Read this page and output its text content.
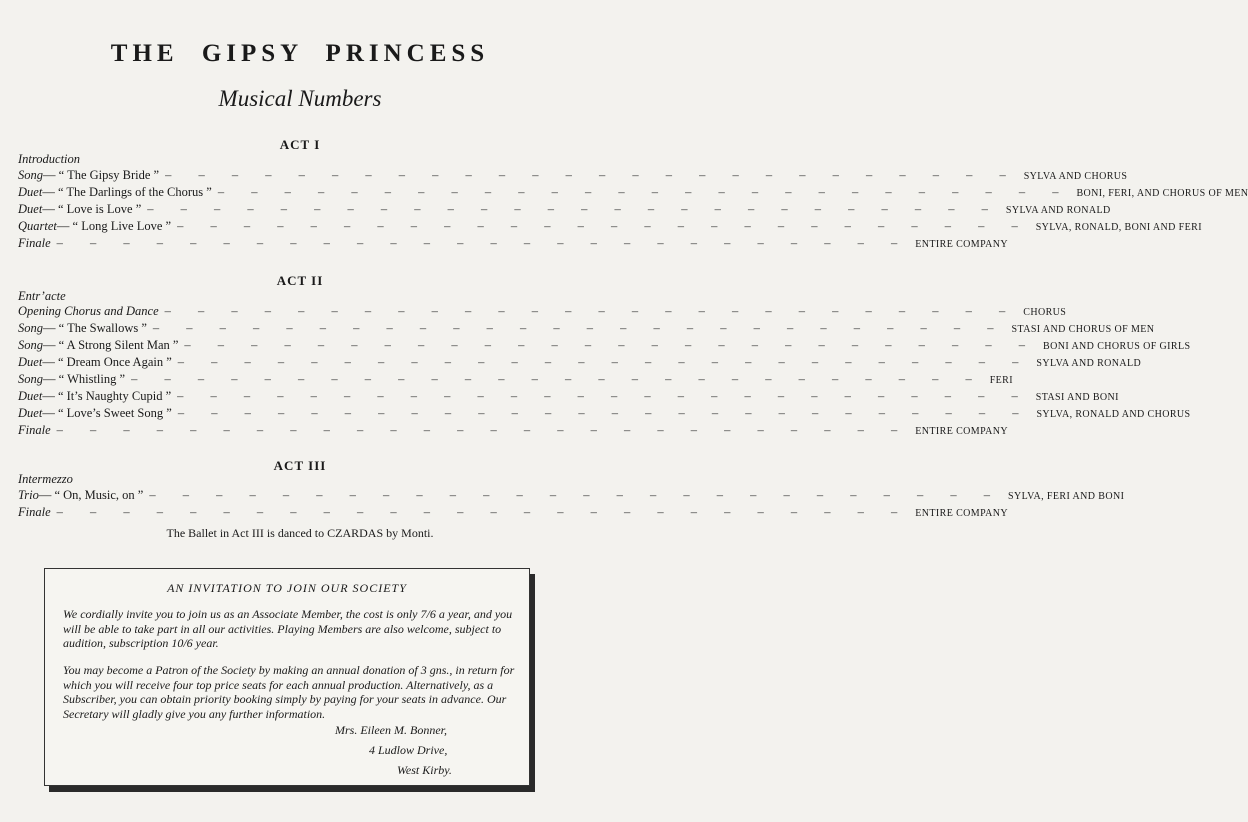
THE GIPSY PRINCESS
Musical Numbers
ACT I
Introduction
Song — “ The Gipsy Bride ” – – – – – – – – – – – – – – – – – – – – – – – – – – SYLVA AND CHORUS
Duet — “ The Darlings of the Chorus ” – – – – – – – – – – – – – – – – – – – – – – – – – – BONI, FERI, AND CHORUS OF MEN
Duet — “ Love is Love ” – – – – – – – – – – – – – – – – – – – – – – – – – – SYLVA AND RONALD
Quartet — “ Long Live Love ” – – – – – – – – – – – – – – – – – – – – – – – – – – SYLVA, RONALD, BONI AND FERI
Finale – – – – – – – – – – – – – – – – – – – – – – – – – – ENTIRE COMPANY
ACT II
Entr’acte
Opening Chorus and Dance – – – – – – – – – – – – – – – – – – – – – – – – – – CHORUS
Song — “ The Swallows ” – – – – – – – – – – – – – – – – – – – – – – – – – – STASI AND CHORUS OF MEN
Song — “ A Strong Silent Man ” – – – – – – – – – – – – – – – – – – – – – – – – – – BONI AND CHORUS OF GIRLS
Duet — “ Dream Once Again ” – – – – – – – – – – – – – – – – – – – – – – – – – – SYLVA AND RONALD
Song — “ Whistling ” – – – – – – – – – – – – – – – – – – – – – – – – – – FERI
Duet — “ It’s Naughty Cupid ” – – – – – – – – – – – – – – – – – – – – – – – – – – STASI AND BONI
Duet — “ Love’s Sweet Song ” – – – – – – – – – – – – – – – – – – – – – – – – – – SYLVA, RONALD AND CHORUS
Finale – – – – – – – – – – – – – – – – – – – – – – – – – – ENTIRE COMPANY
ACT III
Intermezzo
Trio — “ On, Music, on ” – – – – – – – – – – – – – – – – – – – – – – – – – – SYLVA, FERI AND BONI
Finale – – – – – – – – – – – – – – – – – – – – – – – – – – ENTIRE COMPANY
The Ballet in Act III is danced to CZARDAS by Monti.
AN INVITATION TO JOIN OUR SOCIETY
We cordially invite you to join us as an Associate Member, the cost is only 7/6 a year, and you will be able to take part in all our activities. Playing Members are also welcome, subject to audition, subscription 10/6 year.
You may become a Patron of the Society by making an annual donation of 3 gns., in return for which you will receive four top price seats for each annual production. Alternatively, as a Subscriber, you can obtain priority booking simply by paying for your seats in advance. Our Secretary will gladly give you any further information.
Mrs. Eileen M. Bonner,
4 Ludlow Drive,
West Kirby.
